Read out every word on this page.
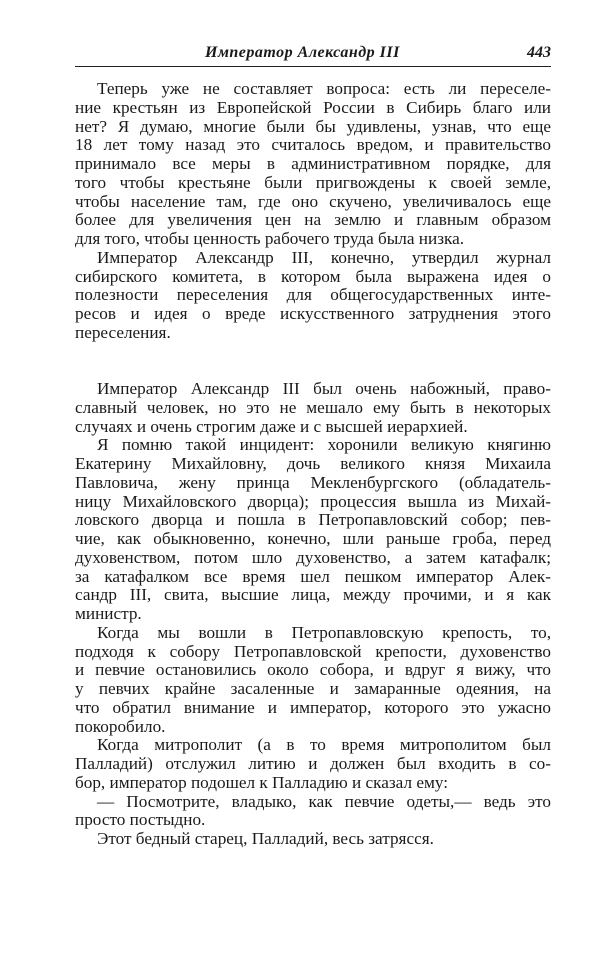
Император Александр III	443
Теперь уже не составляет вопроса: есть ли переселе-
ние крестьян из Европейской России в Сибирь благо или
нет? Я думаю, многие были бы удивлены, узнав, что еще
18 лет тому назад это считалось вредом, и правительство
принимало все меры в административном порядке, для
того чтобы крестьяне были пригвождены к своей земле,
чтобы население там, где оно скучено, увеличивалось еще
более для увеличения цен на землю и главным образом
для того, чтобы ценность рабочего труда была низка.
Император Александр III, конечно, утвердил журнал
сибирского комитета, в котором была выражена идея о
полезности переселения для общегосударственных инте-
ресов и идея о вреде искусственного затруднения этого
переселения.
Император Александр III был очень набожный, право-
славный человек, но это не мешало ему быть в некоторых
случаях и очень строгим даже и с высшей иерархией.
Я помню такой инцидент: хоронили великую княгиню
Екатерину Михайловну, дочь великого князя Михаила
Павловича, жену принца Мекленбургского (обладатель-
ницу Михайловского дворца); процессия вышла из Михай-
ловского дворца и пошла в Петропавловский собор; пев-
чие, как обыкновенно, конечно, шли раньше гроба, перед
духовенством, потом шло духовенство, а затем катафалк;
за катафалком все время шел пешком император Алек-
сандр III, свита, высшие лица, между прочими, и я как
министр.
Когда мы вошли в Петропавловскую крепость, то,
подходя к собору Петропавловской крепости, духовенство
и певчие остановились около собора, и вдруг я вижу, что
у певчих крайне засаленные и замаранные одеяния, на
что обратил внимание и император, которого это ужасно
покоробило.
Когда митрополит (а в то время митрополитом был
Палладий) отслужил литию и должен был входить в со-
бор, император подошел к Палладию и сказал ему:
— Посмотрите, владыко, как певчие одеты,— ведь это
просто постыдно.
Этот бедный старец, Палладий, весь затрясся.
